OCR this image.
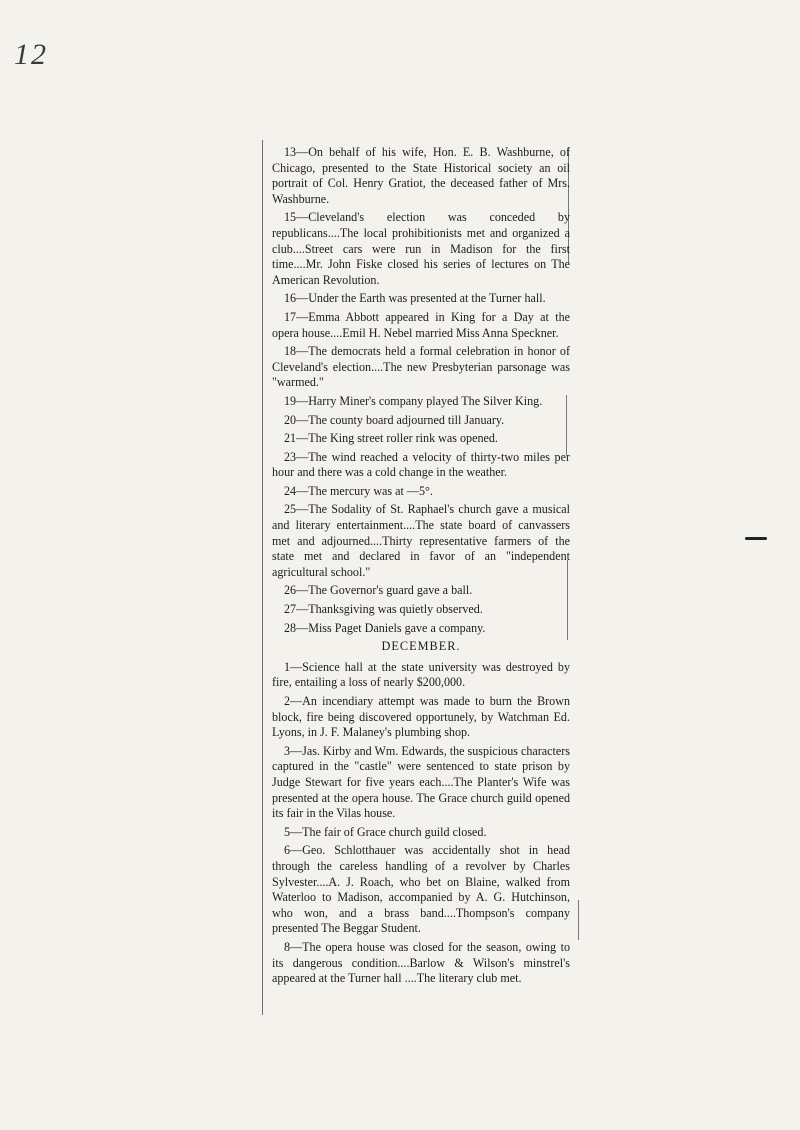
12

13—On behalf of his wife, Hon. E. B. Washburne, of Chicago, presented to the State Historical society an oil portrait of Col. Henry Gratiot, the deceased father of Mrs. Washburne.

15—Cleveland's election was conceded by republicans....The local prohibitionists met and organized a club....Street cars were run in Madison for the first time....Mr. John Fiske closed his series of lectures on The American Revolution.

16—Under the Earth was presented at the Turner hall.

17—Emma Abbott appeared in King for a Day at the opera house....Emil H. Nebel married Miss Anna Speckner.

18—The democrats held a formal celebration in honor of Cleveland's election....The new Presbyterian parsonage was "warmed."

19—Harry Miner's company played The Silver King.

20—The county board adjourned till January.

21—The King street roller rink was opened.

23—The wind reached a velocity of thirty-two miles per hour and there was a cold change in the weather.

24—The mercury was at —5°.

25—The Sodality of St. Raphael's church gave a musical and literary entertainment....The state board of canvassers met and adjourned....Thirty representative farmers of the state met and declared in favor of an "independent agricultural school."

26—The Governor's guard gave a ball.

27—Thanksgiving was quietly observed.

28—Miss Paget Daniels gave a company.

DECEMBER.

1—Science hall at the state university was destroyed by fire, entailing a loss of nearly $200,000.

2—An incendiary attempt was made to burn the Brown block, fire being discovered opportunely, by Watchman Ed. Lyons, in J. F. Malaney's plumbing shop.

3—Jas. Kirby and Wm. Edwards, the suspicious characters captured in the "castle" were sentenced to state prison by Judge Stewart for five years each....The Planter's Wife was presented at the opera house. The Grace church guild opened its fair in the Vilas house.

5—The fair of Grace church guild closed.

6—Geo. Schlotthauer was accidentally shot in head through the careless handling of a revolver by Charles Sylvester....A. J. Roach, who bet on Blaine, walked from Waterloo to Madison, accompanied by A. G. Hutchinson, who won, and a brass band....Thompson's company presented The Beggar Student.

8—The opera house was closed for the season, owing to its dangerous condition....Barlow & Wilson's minstrel's appeared at the Turner hall ....The literary club met.
